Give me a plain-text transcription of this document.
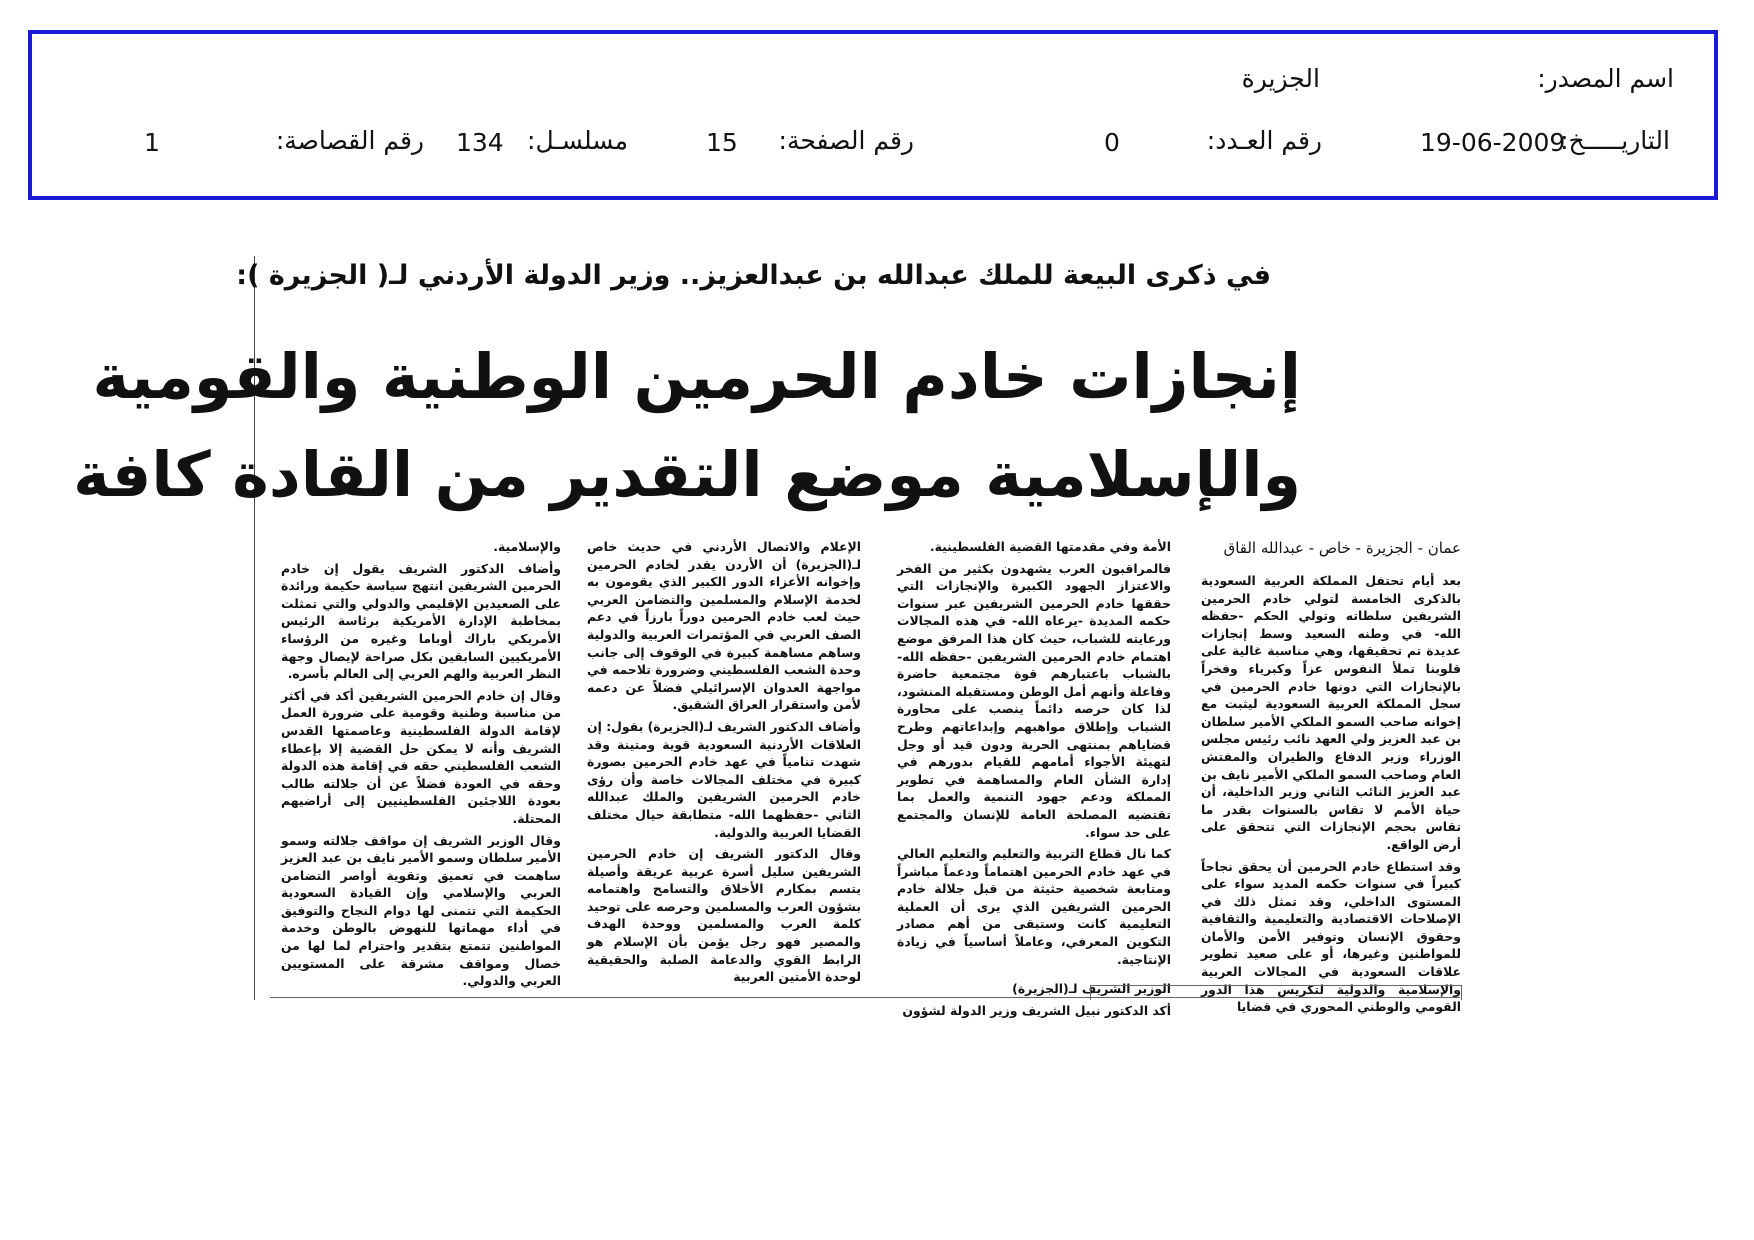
اسم المصدر:
الجزيرة
التاريـــــخ:
19-06-2009
رقم العـدد:
0
رقم الصفحة:
15
مسلسـل:
134
رقم القصاصة:
1
في ذكرى البيعة للملك عبدالله بن عبدالعزيز.. وزير الدولة الأردني لـ( الجزيرة ):
إنجازات خادم الحرمين الوطنية والقومية
والإسلامية موضع التقدير من القادة كافة
عمان - الجزيرة - خاص - عبدالله القاق

بعد أيام تحتفل المملكة العربية السعودية بالذكرى الخامسة لتولي خادم الحرمين الشريفين سلطاته وتولي الحكم -حفظه الله- في وطنه السعيد وسط إنجازات عديدة تم تحقيقها، وهي مناسبة غالية على قلوبنا تملأ النفوس عزاً وكبرياء وفخراً بالإنجازات التي دونها خادم الحرمين في سجل المملكة العربية السعودية ليثبت مع إخوانه صاحب السمو الملكي الأمير سلطان بن عبد العزيز ولي العهد نائب رئيس مجلس الوزراء وزير الدفاع والطيران والمفتش العام وصاحب السمو الملكي الأمير نايف بن عبد العزيز النائب الثاني وزير الداخلية، أن حياة الأمم لا تقاس بالسنوات بقدر ما تقاس بحجم الإنجازات التي تتحقق على أرض الواقع.

وقد استطاع خادم الحرمين أن يحقق نجاحاً كبيراً في سنوات حكمه المديد سواء على المستوى الداخلي، وقد تمثل ذلك في الإصلاحات الاقتصادية والتعليمية والثقافية وحقوق الإنسان وتوفير الأمن والأمان للمواطنين وغيرها، أو على صعيد تطوير علاقات السعودية في المجالات العربية والإسلامية والدولية لتكريس هذا الدور القومي والوطني المحوري في قضايا

الأمة وفي مقدمتها القضية الفلسطينية.

فالمراقبون العرب يشهدون بكثير من الفخر والاعتزاز الجهود الكبيرة والإنجازات التي حققها خادم الحرمين الشريفين عبر سنوات حكمه المديدة -يرعاه الله- في هذه المجالات ورعايته للشباب، حيث كان هذا المرفق موضع اهتمام خادم الحرمين الشريفين -حفظه الله- بالشباب باعتبارهم قوة مجتمعية حاضرة وفاعلة وأنهم أمل الوطن ومستقبله المنشود، لذا كان حرصه دائماً ينصب على محاورة الشباب وإطلاق مواهبهم وإبداعاتهم وطرح قضاياهم بمنتهى الحرية ودون قيد أو وجل لتهيئة الأجواء أمامهم للقيام بدورهم في إدارة الشأن العام والمساهمة في تطوير المملكة ودعم جهود التنمية والعمل بما تقتضيه المصلحة العامة للإنسان والمجتمع على حد سواء.

كما نال قطاع التربية والتعليم والتعليم العالي في عهد خادم الحرمين اهتماماً ودعماً مباشراً ومتابعة شخصية حثيثة من قبل جلالة خادم الحرمين الشريفين الذي يرى أن العملية التعليمية كانت وستبقى من أهم مصادر التكوين المعرفي، وعاملاً أساسياً في زيادة الإنتاجية.

الوزير الشريف لـ(الجزيرة)

أكد الدكتور نبيل الشريف وزير الدولة لشؤون

الإعلام والاتصال الأردني في حديث خاص لـ(الجزيرة) أن الأردن يقدر لخادم الحرمين وإخوانه الأعزاء الدور الكبير الذي يقومون به لخدمة الإسلام والمسلمين والتضامن العربي حيث لعب خادم الحرمين دوراً بارزاً في دعم الصف العربي في المؤتمرات العربية والدولية وساهم مساهمة كبيرة في الوقوف إلى جانب وحدة الشعب الفلسطيني وضرورة تلاحمه في مواجهة العدوان الإسرائيلي فضلاً عن دعمه لأمن واستقرار العراق الشقيق.

وأضاف الدكتور الشريف لـ(الجزيرة) بقول: إن العلاقات الأردنية السعودية قوية ومتينة وقد شهدت تنامياً في عهد خادم الحرمين بصورة كبيرة في مختلف المجالات خاصة وأن رؤى خادم الحرمين الشريفين والملك عبدالله الثاني -حفظهما الله- متطابقة حيال مختلف القضايا العربية والدولية.

وقال الدكتور الشريف إن خادم الحرمين الشريفين سليل أسرة عربية عريقة وأصيلة يتسم بمكارم الأخلاق والتسامح واهتمامه بشؤون العرب والمسلمين وحرصه على توحيد كلمة العرب والمسلمين ووحدة الهدف والمصير فهو رجل يؤمن بأن الإسلام هو الرابط القوي والدعامة الصلبة والحقيقية لوحدة الأمتين العربية

والإسلامية.

وأضاف الدكتور الشريف يقول إن خادم الحرمين الشريفين انتهج سياسة حكيمة ورائدة على الصعيدين الإقليمي والدولي والتي تمثلت بمخاطبة الإدارة الأمريكية برئاسة الرئيس الأمريكي باراك أوباما وغيره من الرؤساء الأمريكيين السابقين بكل صراحة لإيصال وجهة النظر العربية والهم العربي إلى العالم بأسره.

وقال إن خادم الحرمين الشريفين أكد في أكثر من مناسبة وطنية وقومية على ضرورة العمل لإقامة الدولة الفلسطينية وعاصمتها القدس الشريف وأنه لا يمكن حل القضية إلا بإعطاء الشعب الفلسطيني حقه في إقامة هذه الدولة وحقه في العودة فضلاً عن أن جلالته طالب بعودة اللاجئين الفلسطينيين إلى أراضيهم المحتلة.

وقال الوزير الشريف إن مواقف جلالته وسمو الأمير سلطان وسمو الأمير نايف بن عبد العزيز ساهمت في تعميق وتقوية أواصر التضامن العربي والإسلامي وإن القيادة السعودية الحكيمة التي تتمنى لها دوام النجاح والتوفيق في أداء مهماتها للنهوض بالوطن وخدمة المواطنين تتمتع بتقدير واحترام لما لها من خصال ومواقف مشرقة على المستويين العربي والدولي.
